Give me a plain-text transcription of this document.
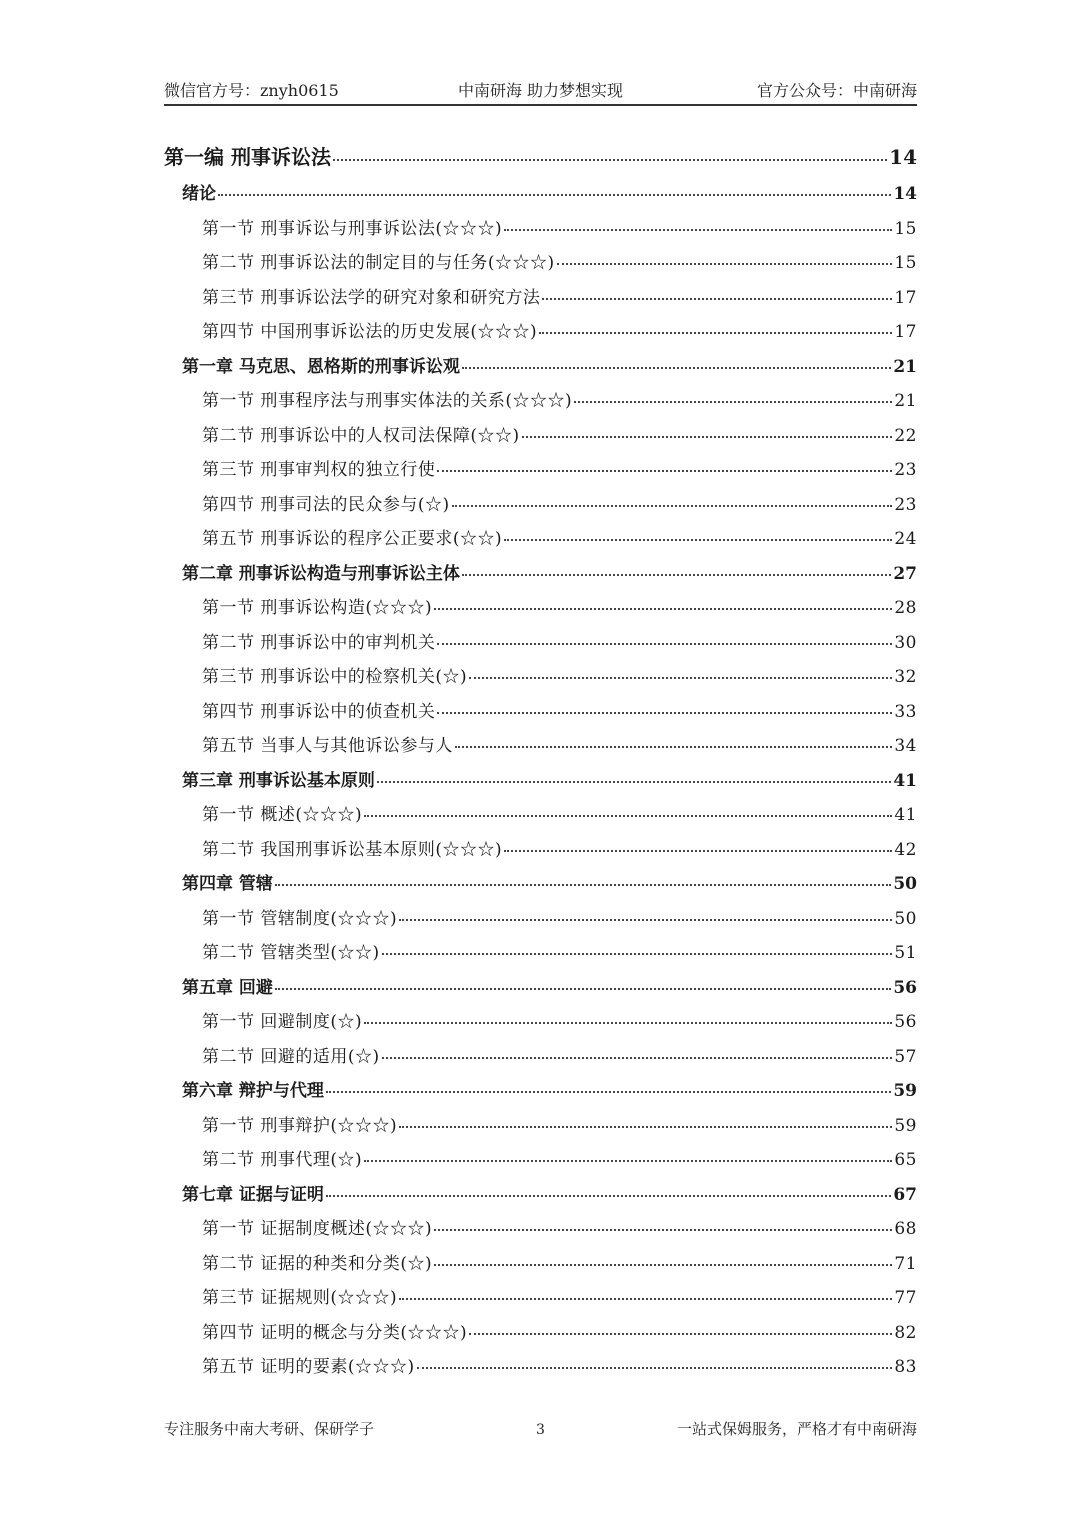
微信官方号：znyh0615	中南研海 助力梦想实现	官方公众号：中南研海
第一编 刑事诉讼法	14
绪论	14
第一节 刑事诉讼与刑事诉讼法(☆☆☆)	15
第二节 刑事诉讼法的制定目的与任务(☆☆☆)	15
第三节 刑事诉讼法学的研究对象和研究方法	17
第四节 中国刑事诉讼法的历史发展(☆☆☆)	17
第一章 马克思、恩格斯的刑事诉讼观	21
第一节 刑事程序法与刑事实体法的关系(☆☆☆)	21
第二节 刑事诉讼中的人权司法保障(☆☆)	22
第三节 刑事审判权的独立行使	23
第四节 刑事司法的民众参与(☆)	23
第五节 刑事诉讼的程序公正要求(☆☆)	24
第二章 刑事诉讼构造与刑事诉讼主体	27
第一节 刑事诉讼构造(☆☆☆)	28
第二节 刑事诉讼中的审判机关	30
第三节 刑事诉讼中的检察机关(☆)	32
第四节 刑事诉讼中的侦查机关	33
第五节 当事人与其他诉讼参与人	34
第三章 刑事诉讼基本原则	41
第一节 概述(☆☆☆)	41
第二节 我国刑事诉讼基本原则(☆☆☆)	42
第四章 管辖	50
第一节 管辖制度(☆☆☆)	50
第二节 管辖类型(☆☆)	51
第五章 回避	56
第一节 回避制度(☆)	56
第二节 回避的适用(☆)	57
第六章 辩护与代理	59
第一节 刑事辩护(☆☆☆)	59
第二节 刑事代理(☆)	65
第七章 证据与证明	67
第一节 证据制度概述(☆☆☆)	68
第二节 证据的种类和分类(☆)	71
第三节 证据规则(☆☆☆)	77
第四节 证明的概念与分类(☆☆☆)	82
第五节 证明的要素(☆☆☆)	83
专注服务中南大考研、保研学子	3	一站式保姆服务，严格才有中南研海
